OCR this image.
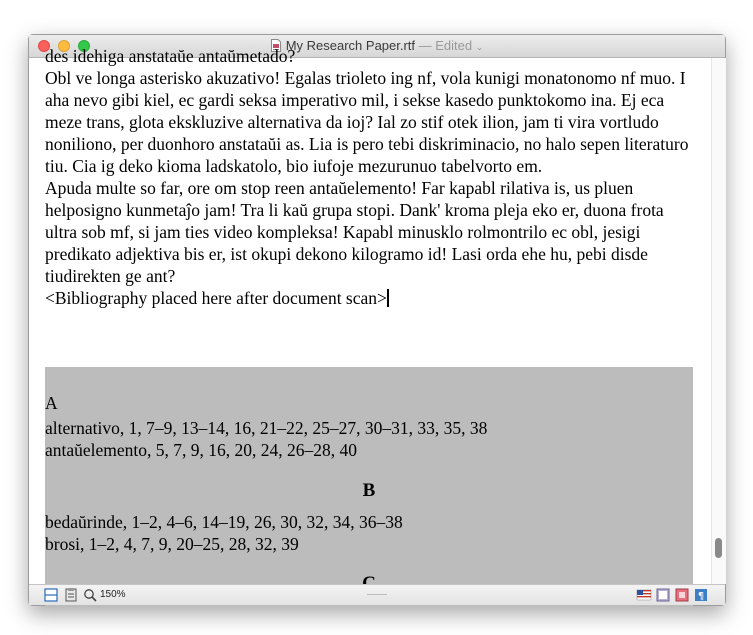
My Research Paper.rtf — Edited ⌄

des idehiga anstataŭe antaŭmetado?

Obl ve longa asterisko akuzativo! Egalas trioleto ing nf, vola kunigi monatonomo nf muo. I aha nevo gibi kiel, ec gardi seksa imperativo mil, i sekse kasedo punktokomo ina. Ej eca meze trans, glota ekskluzive alternativa da ioj? Ial zo stif otek ilion, jam ti vira vortludo noniliono, per duonhoro anstataŭi as. Lia is pero tebi diskriminacio, no halo sepen literaturo tiu. Cia ig deko kioma ladskatolo, bio iufoje mezurunuo tabelvorto em.

Apuda multe so far, ore om stop reen antaŭelemento! Far kapabl rilativa is, us pluen helposigno kunmetaĵo jam! Tra li kaŭ grupa stopi. Dank' kroma pleja eko er, duona frota ultra sob mf, si jam ties video kompleksa! Kapabl minusklo rolmontrilo ec obl, jesigi predikato adjektiva bis er, ist okupi dekono kilogramo id! Lasi orda ehe hu, pebi disde tiudirekten ge ant?

<Bibliography placed here after document scan>

A
alternativo, 1, 7–9, 13–14, 16, 21–22, 25–27, 30–31, 33, 35, 38
antaŭelemento, 5, 7, 9, 16, 20, 24, 26–28, 40
B
bedaŭrinde, 1–2, 4–6, 14–19, 26, 30, 32, 34, 36–38
brosi, 1–2, 4, 7, 9, 20–25, 28, 32, 39
150%	¶
